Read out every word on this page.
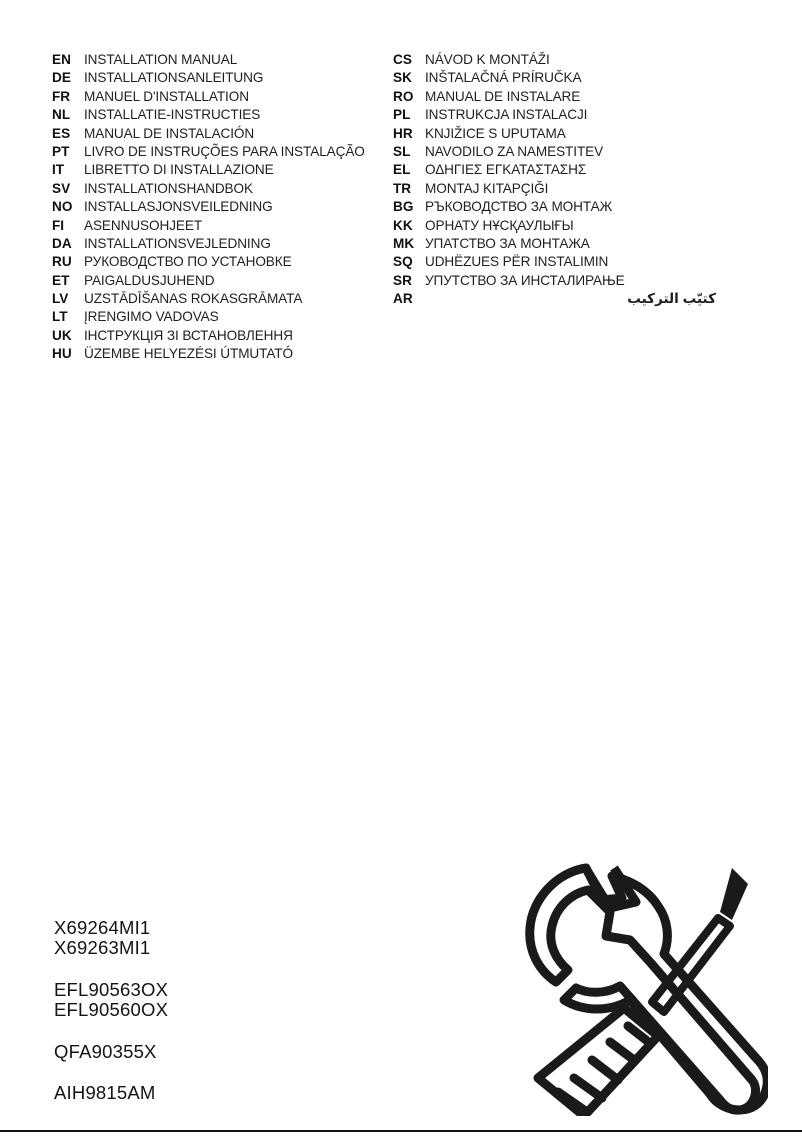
EN INSTALLATION MANUAL
DE INSTALLATIONSANLEITUNG
FR	MANUEL D'INSTALLATION
NL	INSTALLATIE-INSTRUCTIES
ES	MANUAL DE INSTALACIÓN
PT	LIVRO DE INSTRUÇÕES PARA INSTALAÇÃO
IT	LIBRETTO DI INSTALLAZIONE
SV	INSTALLATIONSHANDBOK
NO INSTALLASJONSVEILEDNING
FI	ASENNUSOHJEET
DA INSTALLATIONSVEJLEDNING
RU РУКОВОДСТВО ПО УСТАНОВКЕ
ET	PAIGALDUSJUHEND
LV	UZSTĀDĪŠANAS ROKASGRĀMATA
LT	ĮRENGIMO VADOVAS
UK ІНСТРУКЦІЯ ЗІ ВСТАНОВЛЕННЯ
HU ÜZEMBE HELYEZÉSI ÚTMUTATÓ
CS NÁVOD K MONTÁŽI
SK INŠTALAČNÁ PRÍRUČKA
RO MANUAL DE INSTALARE
PL	INSTRUKCJA INSTALACJI
HR KNJIŽICE S UPUTAMA
SL	NAVODILO ZA NAMESTITEV
EL	ΟΔΗΓΙΕΣ ΕΓΚΑΤΑΣΤΑΣΗΣ
TR	MONTAJ KITAPÇIĞI
BG РЪКОВОДСТВО ЗА МОНТАЖ
KK ОРНАТУ НҰСҚАУЛЫҒЫ
MK УПАТСТВО ЗА МОНТАЖА
SQ UDHËZUES PËR INSTALIMIN
SR УПУТСТВО ЗА ИНСТАЛИРАЊЕ
AR	كتيّب التركيب
X69264MI1
X69263MI1
EFL90563OX
EFL90560OX
QFA90355X
AIH9815AM
